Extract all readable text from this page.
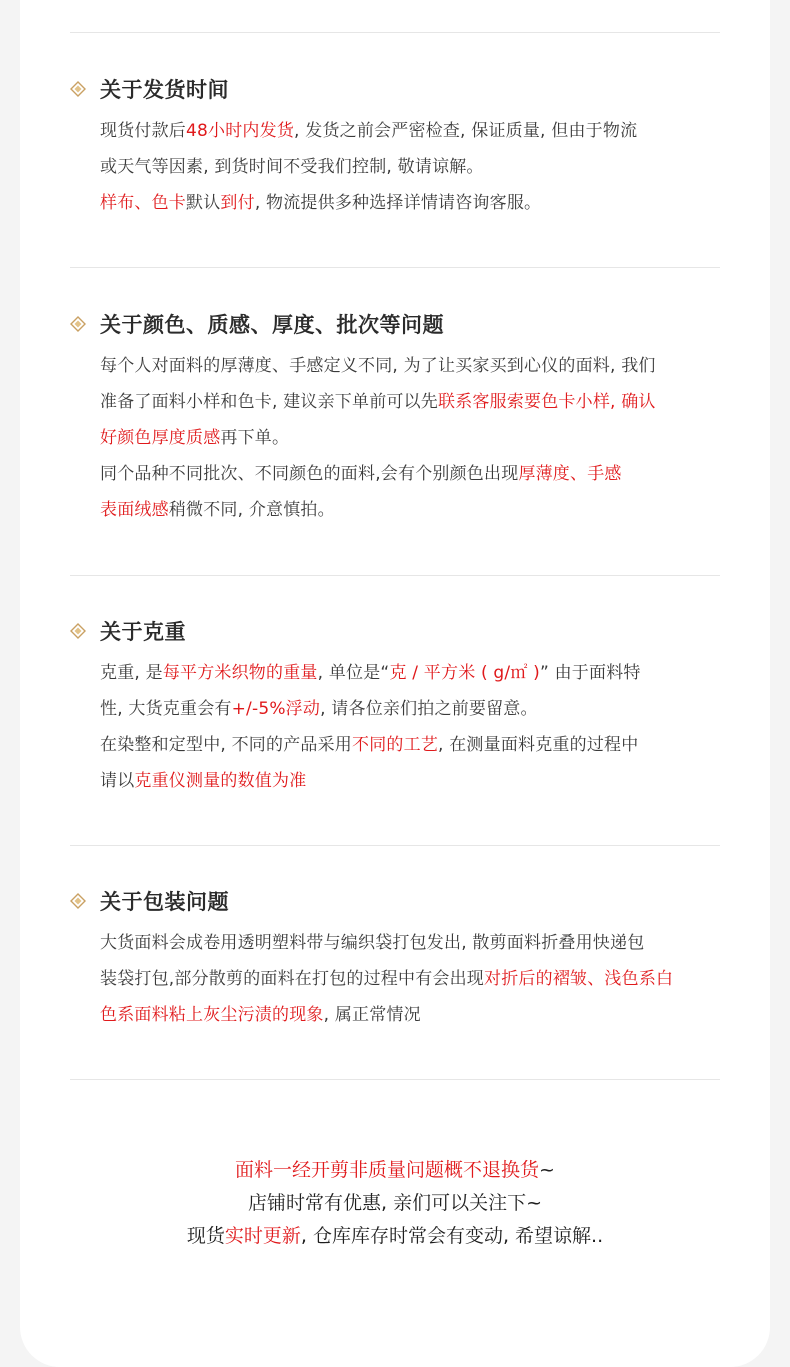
关于发货时间
现货付款后48小时内发货, 发货之前会严密检查, 保证质量, 但由于物流
或天气等因素, 到货时间不受我们控制, 敬请谅解。
样布、色卡默认到付, 物流提供多种选择详情请咨询客服。
关于颜色、质感、厚度、批次等问题
每个人对面料的厚薄度、手感定义不同, 为了让买家买到心仪的面料, 我们
准备了面料小样和色卡, 建议亲下单前可以先联系客服索要色卡小样, 确认
好颜色厚度质感再下单。
同个品种不同批次、不同颜色的面料,会有个别颜色出现厚薄度、手感
表面绒感稍微不同, 介意慎拍。
关于克重
克重, 是每平方米织物的重量, 单位是“克 / 平方米 ( g/㎡ )” 由于面料特
性, 大货克重会有+/-5%浮动, 请各位亲们拍之前要留意。
在染整和定型中, 不同的产品采用不同的工艺, 在测量面料克重的过程中
请以克重仪测量的数值为准
关于包装问题
大货面料会成卷用透明塑料带与编织袋打包发出, 散剪面料折叠用快递包
装袋打包,部分散剪的面料在打包的过程中有会出现对折后的褶皱、浅色系白
色系面料粘上灰尘污渍的现象, 属正常情况
面料一经开剪非质量问题概不退换货~
店铺时常有优惠, 亲们可以关注下~
现货实时更新, 仓库库存时常会有变动, 希望谅解..
